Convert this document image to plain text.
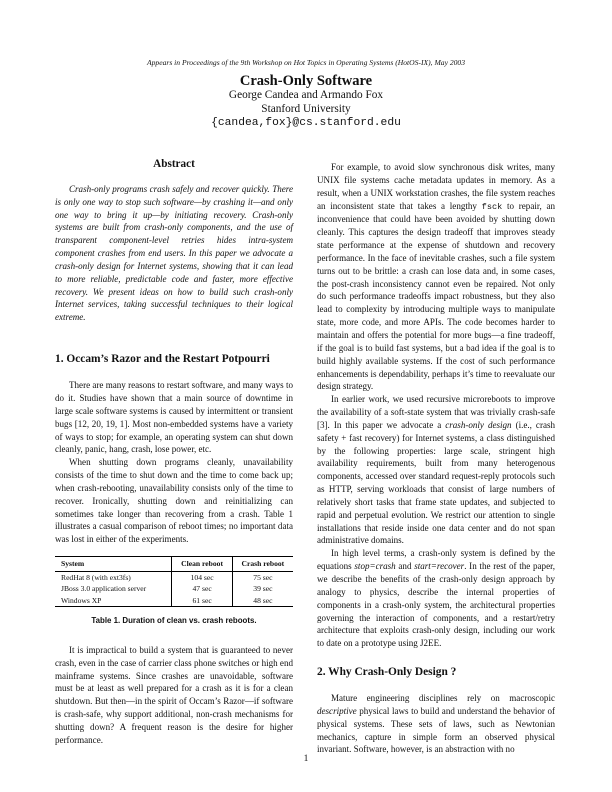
Appears in Proceedings of the 9th Workshop on Hot Topics in Operating Systems (HotOS-IX), May 2003
Crash-Only Software
George Candea and Armando Fox
Stanford University
{candea,fox}@cs.stanford.edu
Abstract

Crash-only programs crash safely and recover quickly. There is only one way to stop such software—by crashing it—and only one way to bring it up—by initiating recovery. Crash-only systems are built from crash-only components, and the use of transparent component-level retries hides intra-system component crashes from end users. In this paper we advocate a crash-only design for Internet systems, showing that it can lead to more reliable, predictable code and faster, more effective recovery. We present ideas on how to build such crash-only Internet services, taking successful techniques to their logical extreme.

1. Occam’s Razor and the Restart Potpourri

There are many reasons to restart software, and many ways to do it. Studies have shown that a main source of downtime in large scale software systems is caused by intermittent or transient bugs [12, 20, 19, 1]. Most non-embedded systems have a variety of ways to stop; for example, an operating system can shut down cleanly, panic, hang, crash, lose power, etc.

When shutting down programs cleanly, unavailability consists of the time to shut down and the time to come back up; when crash-rebooting, unavailability consists only of the time to recover. Ironically, shutting down and reinitializing can sometimes take longer than recovering from a crash. Table 1 illustrates a casual comparison of reboot times; no important data was lost in either of the experiments.

System	Clean reboot	Crash reboot
RedHat 8 (with ext3fs)	104 sec	75 sec
JBoss 3.0 application server	47 sec	39 sec
Windows XP	61 sec	48 sec
Table 1. Duration of clean vs. crash reboots.

It is impractical to build a system that is guaranteed to never crash, even in the case of carrier class phone switches or high end mainframe systems. Since crashes are unavoidable, software must be at least as well prepared for a crash as it is for a clean shutdown. But then—in the spirit of Occam’s Razor—if software is crash-safe, why support additional, non-crash mechanisms for shutting down? A frequent reason is the desire for higher performance.

For example, to avoid slow synchronous disk writes, many UNIX file systems cache metadata updates in memory. As a result, when a UNIX workstation crashes, the file system reaches an inconsistent state that takes a lengthy fsck to repair, an inconvenience that could have been avoided by shutting down cleanly. This captures the design tradeoff that improves steady state performance at the expense of shutdown and recovery performance. In the face of inevitable crashes, such a file system turns out to be brittle: a crash can lose data and, in some cases, the post-crash inconsistency cannot even be repaired. Not only do such performance tradeoffs impact robustness, but they also lead to complexity by introducing multiple ways to manipulate state, more code, and more APIs. The code becomes harder to maintain and offers the potential for more bugs—a fine tradeoff, if the goal is to build fast systems, but a bad idea if the goal is to build highly available systems. If the cost of such performance enhancements is dependability, perhaps it’s time to reevaluate our design strategy.

In earlier work, we used recursive microreboots to improve the availability of a soft-state system that was trivially crash-safe [3]. In this paper we advocate a crash-only design (i.e., crash safety + fast recovery) for Internet systems, a class distinguished by the following properties: large scale, stringent high availability requirements, built from many heterogenous components, accessed over standard request-reply protocols such as HTTP, serving workloads that consist of large numbers of relatively short tasks that frame state updates, and subjected to rapid and perpetual evolution. We restrict our attention to single installations that reside inside one data center and do not span administrative domains.

In high level terms, a crash-only system is defined by the equations stop=crash and start=recover. In the rest of the paper, we describe the benefits of the crash-only design approach by analogy to physics, describe the internal properties of components in a crash-only system, the architectural properties governing the interaction of components, and a restart/retry architecture that exploits crash-only design, including our work to date on a prototype using J2EE.

2. Why Crash-Only Design ?

Mature engineering disciplines rely on macroscopic descriptive physical laws to build and understand the behavior of physical systems. These sets of laws, such as Newtonian mechanics, capture in simple form an observed physical invariant. Software, however, is an abstraction with no

1
